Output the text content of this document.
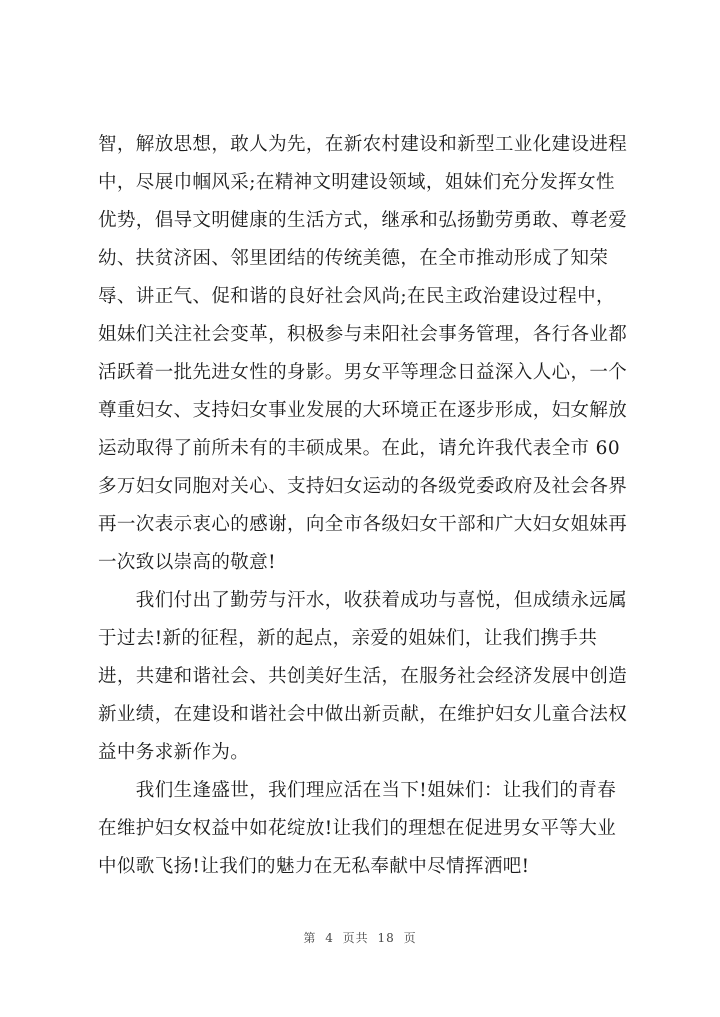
智，解放思想，敢人为先，在新农村建设和新型工业化建设进程
中，尽展巾帼风采;在精神文明建设领域，姐妹们充分发挥女性
优势，倡导文明健康的生活方式，继承和弘扬勤劳勇敢、尊老爱
幼、扶贫济困、邻里团结的传统美德，在全市推动形成了知荣
辱、讲正气、促和谐的良好社会风尚;在民主政治建设过程中，
姐妹们关注社会变革，积极参与耒阳社会事务管理，各行各业都
活跃着一批先进女性的身影。男女平等理念日益深入人心，一个
尊重妇女、支持妇女事业发展的大环境正在逐步形成，妇女解放
运动取得了前所未有的丰硕成果。在此，请允许我代表全市 60
多万妇女同胞对关心、支持妇女运动的各级党委政府及社会各界
再一次表示衷心的感谢，向全市各级妇女干部和广大妇女姐妹再
一次致以崇高的敬意!
　　我们付出了勤劳与汗水，收获着成功与喜悦，但成绩永远属
于过去!新的征程，新的起点，亲爱的姐妹们，让我们携手共
进，共建和谐社会、共创美好生活，在服务社会经济发展中创造
新业绩，在建设和谐社会中做出新贡献，在维护妇女儿童合法权
益中务求新作为。
　　我们生逢盛世，我们理应活在当下!姐妹们：让我们的青春
在维护妇女权益中如花绽放!让我们的理想在促进男女平等大业
中似歌飞扬!让我们的魅力在无私奉献中尽情挥洒吧!
第 4 页共 18 页
